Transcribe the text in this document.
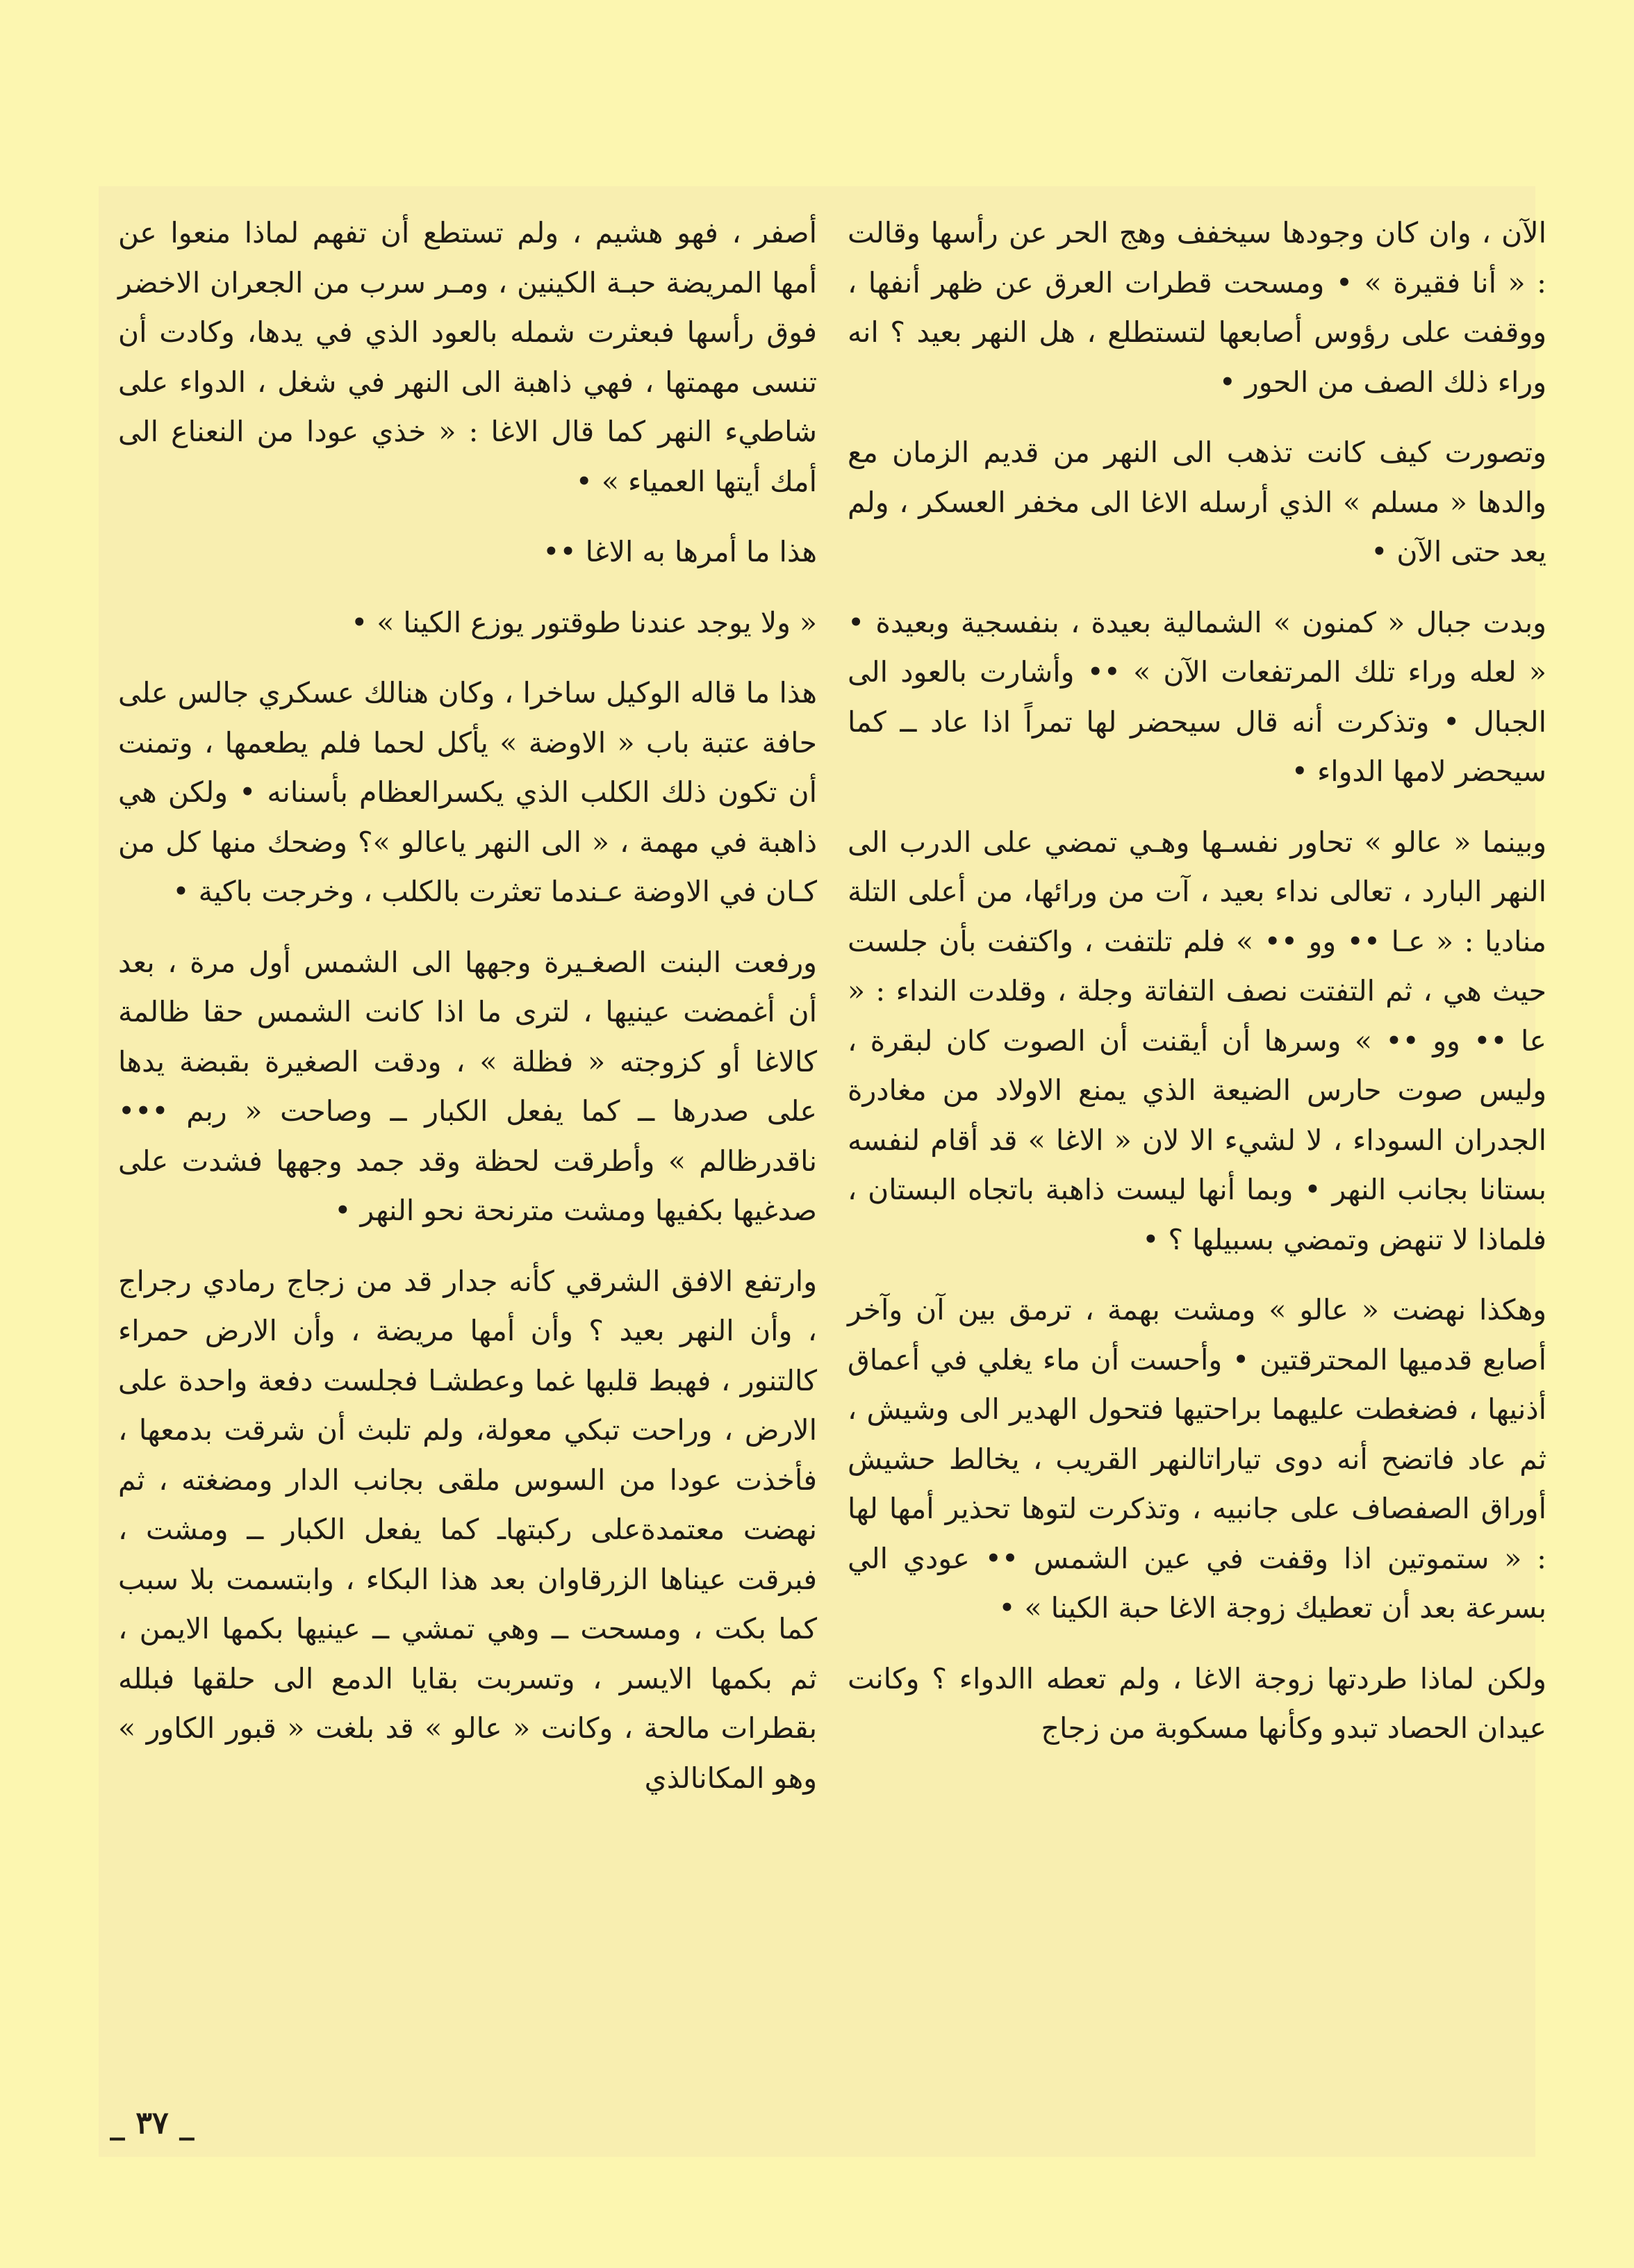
الآن ، وان كان وجودها سيخفف وهج الحر عن رأسها وقالت : « أنا فقيرة » • ومسحت قطرات العرق عن ظهر أنفها ، ووقفت على رؤوس أصابعها لتستطلع ، هل النهر بعيد ؟ انه وراء ذلك الصف من الحور •

وتصورت كيف كانت تذهب الى النهر من قديم الزمان مع والدها « مسلم » الذي أرسله الاغا الى مخفر العسكر ، ولم يعد حتى الآن •

وبدت جبال « كمنون » الشمالية بعيدة ، بنفسجية وبعيدة • « لعله وراء تلك المرتفعات الآن » •• وأشارت بالعود الى الجبال • وتذكرت أنه قال سيحضر لها تمراً اذا عاد ــ كما سيحضر لامها الدواء •

وبينما « عالو » تحاور نفسـها وهـي تمضي على الدرب الى النهر البارد ، تعالى نداء بعيد ، آت من ورائها، من أعلى التلة مناديا : « عـا •• وو •• » فلم تلتفت ، واكتفت بأن جلست حيث هي ، ثم التفتت نصف التفاتة وجلة ، وقلدت النداء : « عا •• وو •• » وسرها أن أيقنت أن الصوت كان لبقرة ، وليس صوت حارس الضيعة الذي يمنع الاولاد من مغادرة الجدران السوداء ، لا لشيء الا لان « الاغا » قد أقام لنفسه بستانا بجانب النهر • وبما أنها ليست ذاهبة باتجاه البستان ، فلماذا لا تنهض وتمضي بسبيلها ؟ •

وهكذا نهضت « عالو » ومشت بهمة ، ترمق بين آن وآخر أصابع قدميها المحترقتين • وأحست أن ماء يغلي في أعماق أذنيها ، فضغطت عليهما براحتيها فتحول الهدير الى وشيش ، ثم عاد فاتضح أنه دوى تياراتالنهر القريب ، يخالط حشيش أوراق الصفصاف على جانبيه ، وتذكرت لتوها تحذير أمها لها : « ستموتين اذا وقفت في عين الشمس •• عودي الي بسرعة بعد أن تعطيك زوجة الاغا حبة الكينا » •

ولكن لماذا طردتها زوجة الاغا ، ولم تعطه االدواء ؟ وكانت عيدان الحصاد تبدو وكأنها مسكوبة من زجاج

أصفر ، فهو هشيم ، ولم تستطع أن تفهم لماذا منعوا عن أمها المريضة حبـة الكينين ، ومـر سرب من الجعران الاخضر فوق رأسها فبعثرت شمله بالعود الذي في يدها، وكادت أن تنسى مهمتها ، فهي ذاهبة الى النهر في شغل ، الدواء على شاطيء النهر كما قال الاغا : « خذي عودا من النعناع الى أمك أيتها العمياء » •

هذا ما أمرها به الاغا ••

« ولا يوجد عندنا طوقتور يوزع الكينا » •

هذا ما قاله الوكيل ساخرا ، وكان هنالك عسكري جالس على حافة عتبة باب « الاوضة » يأكل لحما فلم يطعمها ، وتمنت أن تكون ذلك الكلب الذي يكسرالعظام بأسنانه • ولكن هي ذاهبة في مهمة ، « الى النهر ياعالو »؟ وضحك منها كل من كـان في الاوضة عـندما تعثرت بالكلب ، وخرجت باكية •

ورفعت البنت الصغـيرة وجهها الى الشمس أول مرة ، بعد أن أغمضت عينيها ، لترى ما اذا كانت الشمس حقا ظالمة كالاغا أو كزوجته « فظلة » ، ودقت الصغيرة بقبضة يدها على صدرها ــ كما يفعل الكبار ــ وصاحت « ربم ••• ناقدرظالم » وأطرقت لحظة وقد جمد وجهها فشدت على صدغيها بكفيها ومشت مترنحة نحو النهر •

وارتفع الافق الشرقي كأنه جدار قد من زجاج رمادي رجراج ، وأن النهر بعيد ؟ وأن أمها مريضة ، وأن الارض حمراء كالتنور ، فهبط قلبها غما وعطشـا فجلست دفعة واحدة على الارض ، وراحت تبكي معولة، ولم تلبث أن شرقت بدمعها ، فأخذت عودا من السوس ملقى بجانب الدار ومضغته ، ثم نهضت معتمدةعلى ركبتهاـ كما يفعل الكبار ــ ومشت ، فبرقت عيناها الزرقاوان بعد هذا البكاء ، وابتسمت بلا سبب كما بكت ، ومسحت ــ وهي تمشي ــ عينيها بكمها الايمن ، ثم بكمها الايسر ، وتسربت بقايا الدمع الى حلقها فبلله بقطرات مالحة ، وكانت « عالو » قد بلغت « قبور الكاور » وهو المكانالذي

_ ٣٧ _
